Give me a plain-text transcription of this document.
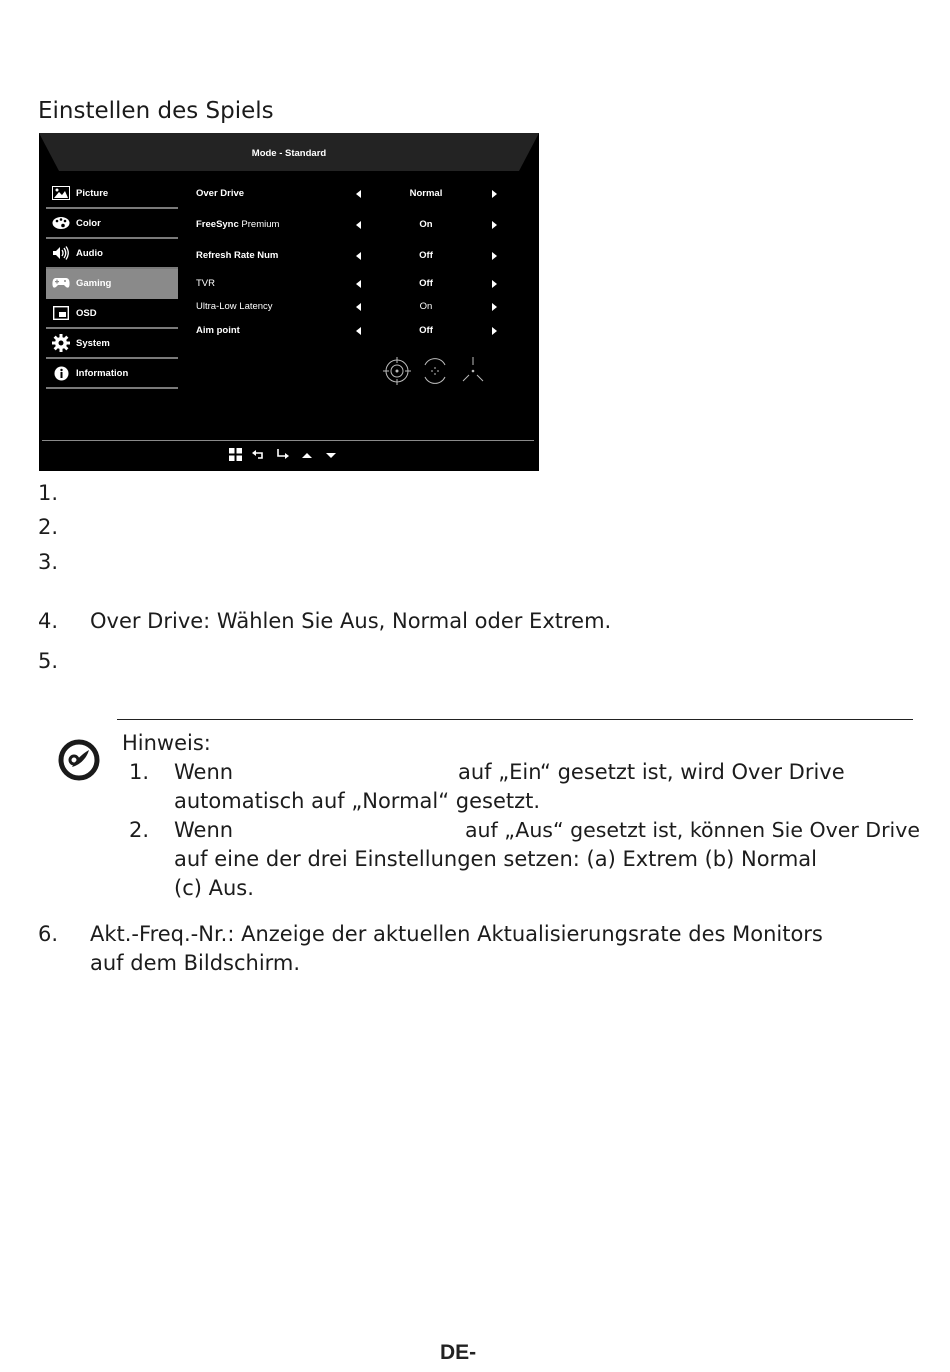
Einstellen des Spiels
Mode - Standard
Picture
Color
Audio
Gaming
OSD
System
Information
Over Drive	Normal
FreeSync Premium	On
Refresh Rate Num	Off
TVR	Off
Ultra-Low Latency	On
Aim point	Off
1.
2.
3.
4. Over Drive: Wählen Sie Aus, Normal oder Extrem.
5.
Hinweis:
1. Wenn	auf „Ein“ gesetzt ist, wird Over Drive
automatisch auf „Normal“ gesetzt.
2. Wenn	auf „Aus“ gesetzt ist, können Sie Over Drive
auf eine der drei Einstellungen setzen: (a) Extrem (b) Normal
(c) Aus.
6. Akt.-Freq.-Nr.: Anzeige der aktuellen Aktualisierungsrate des Monitors
auf dem Bildschirm.
DE-
